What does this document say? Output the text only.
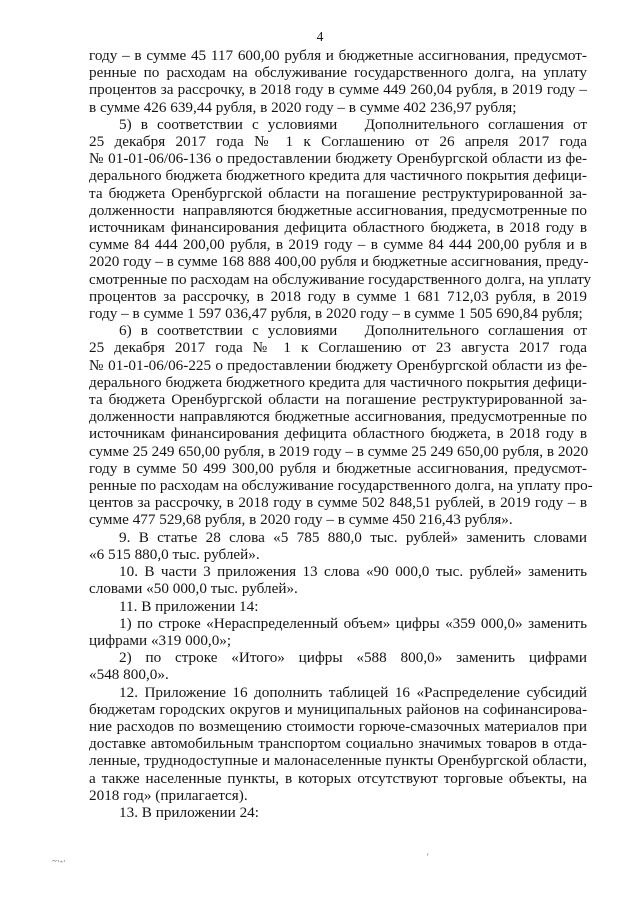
4
году – в сумме 45 117 600,00 рубля и бюджетные ассигнования, предусмот-
ренные по расходам на обслуживание государственного долга, на уплату
процентов за рассрочку, в 2018 году в сумме 449 260,04 рубля, в 2019 году –
в сумме 426 639,44 рубля, в 2020 году – в сумме 402 236,97 рубля;
5) в соответствии с условиями   Дополнительного соглашения от
25 декабря 2017 года № 1 к Соглашению от 26 апреля 2017 года
№ 01-01-06/06-136 о предоставлении бюджету Оренбургской области из фе-
дерального бюджета бюджетного кредита для частичного покрытия дефици-
та бюджета Оренбургской области на погашение реструктурированной за-
долженности  направляются бюджетные ассигнования, предусмотренные по
источникам финансирования дефицита областного бюджета, в 2018 году в
сумме 84 444 200,00 рубля, в 2019 году – в сумме 84 444 200,00 рубля и в
2020 году – в сумме 168 888 400,00 рубля и бюджетные ассигнования, преду-
смотренные по расходам на обслуживание государственного долга, на уплату
процентов за рассрочку, в 2018 году в сумме 1 681 712,03 рубля, в 2019
году – в сумме 1 597 036,47 рубля, в 2020 году – в сумме 1 505 690,84 рубля;
6) в соответствии с условиями   Дополнительного соглашения от
25 декабря 2017 года № 1 к Соглашению от 23 августа 2017 года
№ 01-01-06/06-225 о предоставлении бюджету Оренбургской области из фе-
дерального бюджета бюджетного кредита для частичного покрытия дефици-
та бюджета Оренбургской области на погашение реструктурированной за-
долженности направляются бюджетные ассигнования, предусмотренные по
источникам финансирования дефицита областного бюджета, в 2018 году в
сумме 25 249 650,00 рубля, в 2019 году – в сумме 25 249 650,00 рубля, в 2020
году в сумме 50 499 300,00 рубля и бюджетные ассигнования, предусмот-
ренные по расходам на обслуживание государственного долга, на уплату про-
центов за рассрочку, в 2018 году в сумме 502 848,51 рублей, в 2019 году – в
сумме 477 529,68 рубля, в 2020 году – в сумме 450 216,43 рубля».
9. В статье 28 слова «5 785 880,0 тыс. рублей» заменить словами
«6 515 880,0 тыс. рублей».
10. В части 3 приложения 13 слова «90 000,0 тыс. рублей» заменить
словами «50 000,0 тыс. рублей».
11. В приложении 14:
1) по строке «Нераспределенный объем» цифры «359 000,0» заменить
цифрами «319 000,0»;
2) по строке «Итого» цифры «588 800,0» заменить цифрами
«548 800,0».
12. Приложение 16 дополнить таблицей 16 «Распределение субсидий
бюджетам городских округов и муниципальных районов на софинансирова-
ние расходов по возмещению стоимости горюче-смазочных материалов при
доставке автомобильным транспортом социально значимых товаров в отда-
ленные, труднодоступные и малонаселенные пункты Оренбургской области,
а также населенные пункты, в которых отсутствуют торговые объекты, на
2018 год» (прилагается).
13. В приложении 24:
~·-·	'
